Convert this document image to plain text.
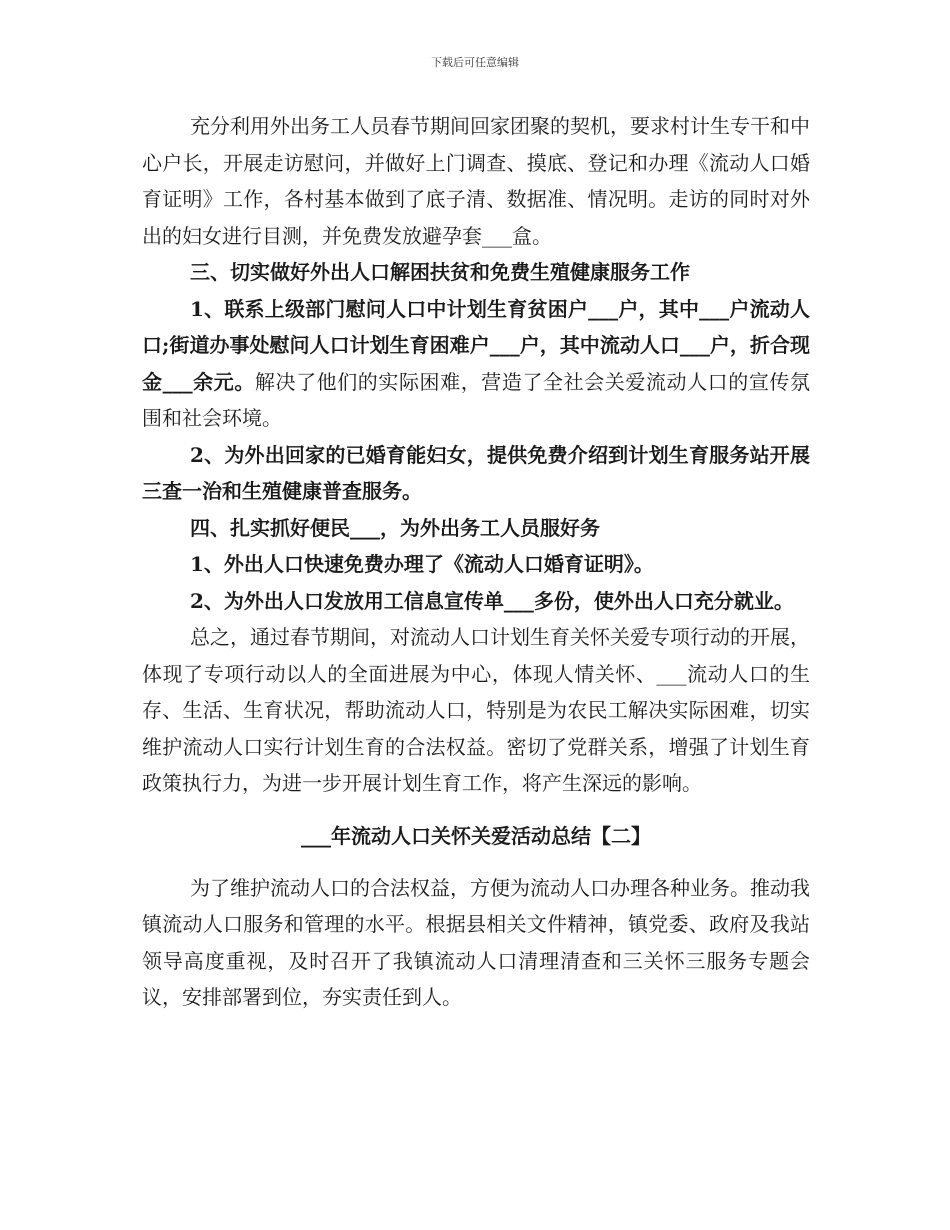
下载后可任意编辑

充分利用外出务工人员春节期间回家团聚的契机，要求村计生专干和中心户长，开展走访慰问，并做好上门调查、摸底、登记和办理《流动人口婚育证明》工作，各村基本做到了底子清、数据准、情况明。走访的同时对外出的妇女进行目测，并免费发放避孕套___盒。

三、切实做好外出人口解困扶贫和免费生殖健康服务工作

1、联系上级部门慰问人口中计划生育贫困户___户，其中___户流动人口;街道办事处慰问人口计划生育困难户___户，其中流动人口___户，折合现金___余元。解决了他们的实际困难，营造了全社会关爱流动人口的宣传氛围和社会环境。

2、为外出回家的已婚育能妇女，提供免费介绍到计划生育服务站开展三查一治和生殖健康普查服务。

四、扎实抓好便民___，为外出务工人员服好务

1、外出人口快速免费办理了《流动人口婚育证明》。

2、为外出人口发放用工信息宣传单___多份，使外出人口充分就业。

总之，通过春节期间，对流动人口计划生育关怀关爱专项行动的开展，体现了专项行动以人的全面进展为中心，体现人情关怀、___流动人口的生存、生活、生育状况，帮助流动人口，特别是为农民工解决实际困难，切实维护流动人口实行计划生育的合法权益。密切了党群关系，增强了计划生育政策执行力，为进一步开展计划生育工作，将产生深远的影响。

___年流动人口关怀关爱活动总结【二】

为了维护流动人口的合法权益，方便为流动人口办理各种业务。推动我镇流动人口服务和管理的水平。根据县相关文件精神，镇党委、政府及我站领导高度重视，及时召开了我镇流动人口清理清查和三关怀三服务专题会议，安排部署到位，夯实责任到人。
